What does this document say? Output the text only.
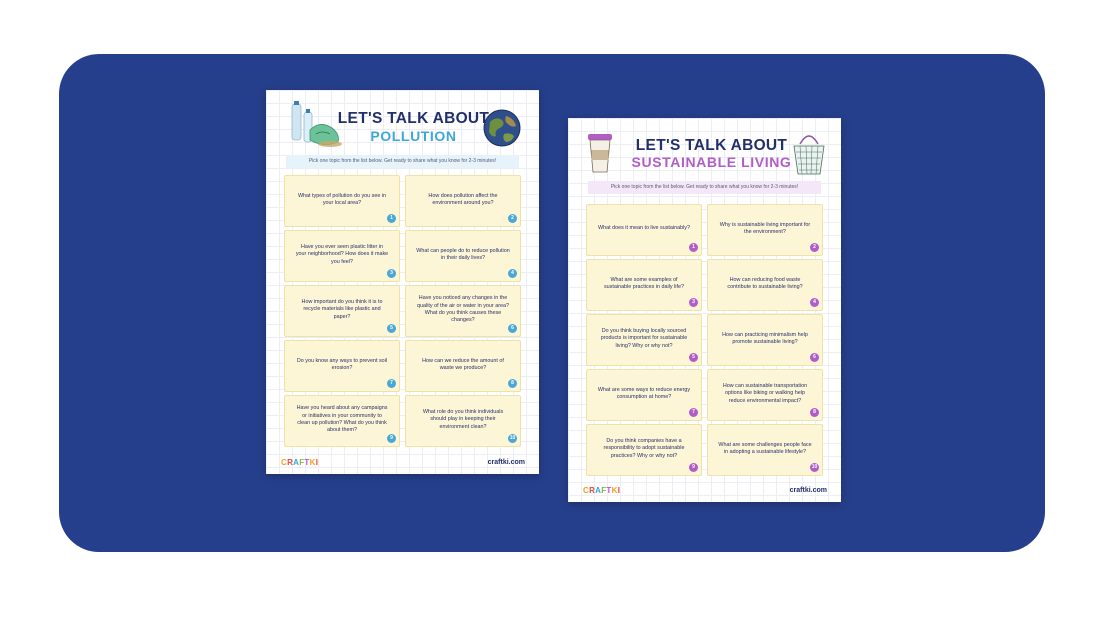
LET'S TALK ABOUT
POLLUTION
Pick one topic from the list below. Get ready to share what you know for 2-3 minutes!
What types of pollution do you see in your local area?
1
How does pollution affect the environment around you?
2
Have you ever seen plastic litter in your neighborhood? How does it make you feel?
3
What can people do to reduce pollution in their daily lives?
4
How important do you think it is to recycle materials like plastic and paper?
5
Have you noticed any changes in the quality of the air or water in your area? What do you think causes these changes?
6
Do you know any ways to prevent soil erosion?
7
How can we reduce the amount of waste we produce?
8
Have you heard about any campaigns or initiatives in your community to clean up pollution? What do you think about them?
9
What role do you think individuals should play in keeping their environment clean?
10
CRAFTKI	craftki.com
LET'S TALK ABOUT
SUSTAINABLE LIVING
Pick one topic from the list below. Get ready to share what you know for 2-3 minutes!
What does it mean to live sustainably?
1
Why is sustainable living important for the environment?
2
What are some examples of sustainable practices in daily life?
3
How can reducing food waste contribute to sustainable living?
4
Do you think buying locally sourced products is important for sustainable living? Why or why not?
5
How can practicing minimalism help promote sustainable living?
6
What are some ways to reduce energy consumption at home?
7
How can sustainable transportation options like biking or walking help reduce environmental impact?
8
Do you think companies have a responsibility to adopt sustainable practices? Why or why not?
9
What are some challenges people face in adopting a sustainable lifestyle?
10
CRAFTKI	craftki.com
